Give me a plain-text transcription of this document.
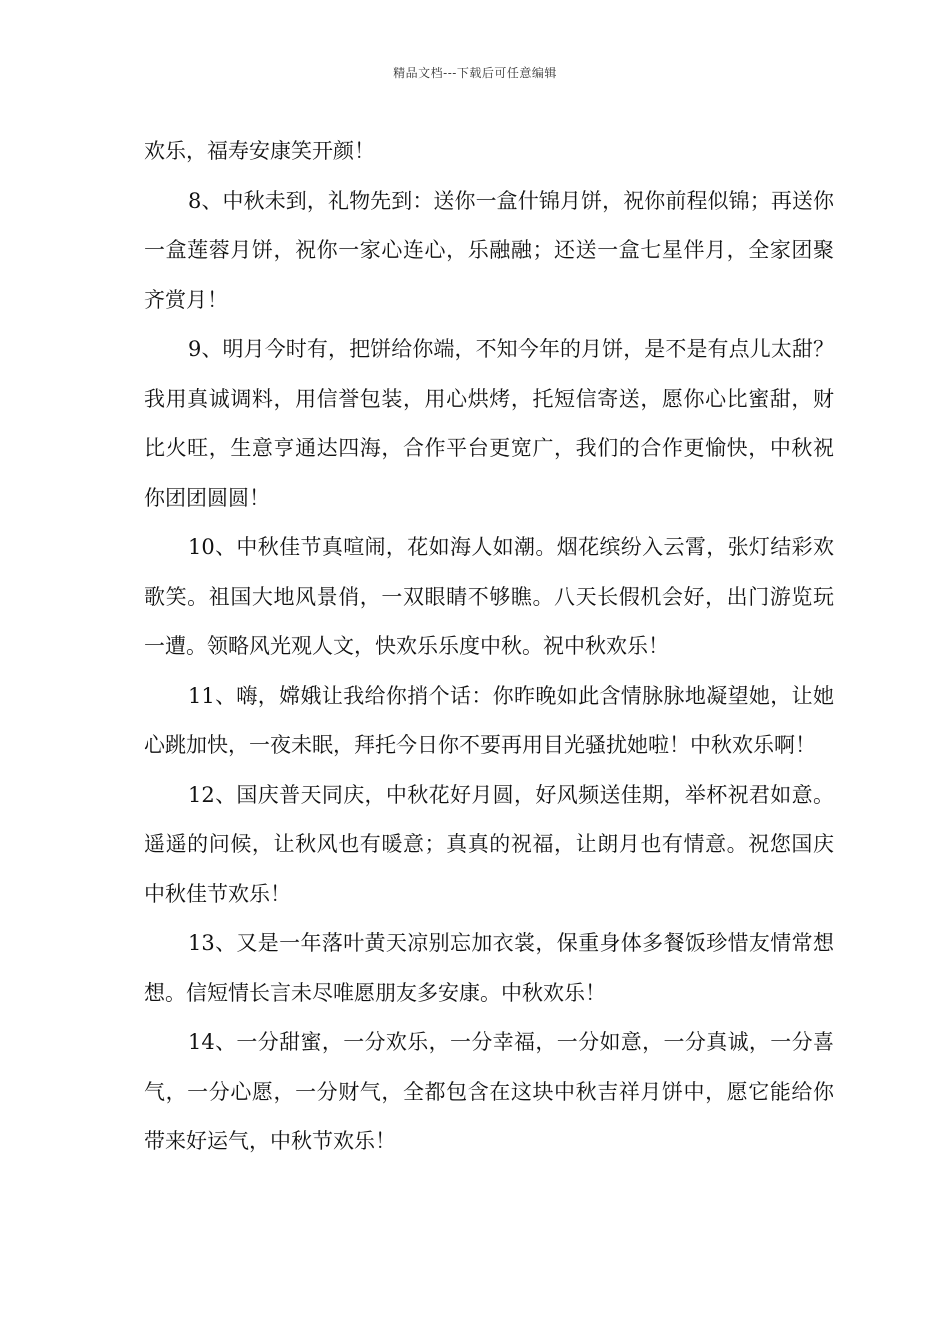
精品文档---下载后可任意编辑

欢乐，福寿安康笑开颜！

8、中秋未到，礼物先到：送你一盒什锦月饼，祝你前程似锦；再送你一盒莲蓉月饼，祝你一家心连心，乐融融；还送一盒七星伴月，全家团聚齐赏月！

9、明月今时有，把饼给你端，不知今年的月饼，是不是有点儿太甜？我用真诚调料，用信誉包装，用心烘烤，托短信寄送，愿你心比蜜甜，财比火旺，生意亨通达四海，合作平台更宽广，我们的合作更愉快，中秋祝你团团圆圆！

10、中秋佳节真喧闹，花如海人如潮。烟花缤纷入云霄，张灯结彩欢歌笑。祖国大地风景俏，一双眼睛不够瞧。八天长假机会好，出门游览玩一遭。领略风光观人文，快欢乐乐度中秋。祝中秋欢乐！

11、嗨，嫦娥让我给你捎个话：你昨晚如此含情脉脉地凝望她，让她心跳加快，一夜未眠，拜托今日你不要再用目光骚扰她啦！中秋欢乐啊！

12、国庆普天同庆，中秋花好月圆，好风频送佳期，举杯祝君如意。遥遥的问候，让秋风也有暖意；真真的祝福，让朗月也有情意。祝您国庆中秋佳节欢乐！

13、又是一年落叶黄天凉别忘加衣裳，保重身体多餐饭珍惜友情常想想。信短情长言未尽唯愿朋友多安康。中秋欢乐！

14、一分甜蜜，一分欢乐，一分幸福，一分如意，一分真诚，一分喜气，一分心愿，一分财气，全都包含在这块中秋吉祥月饼中，愿它能给你带来好运气，中秋节欢乐！
